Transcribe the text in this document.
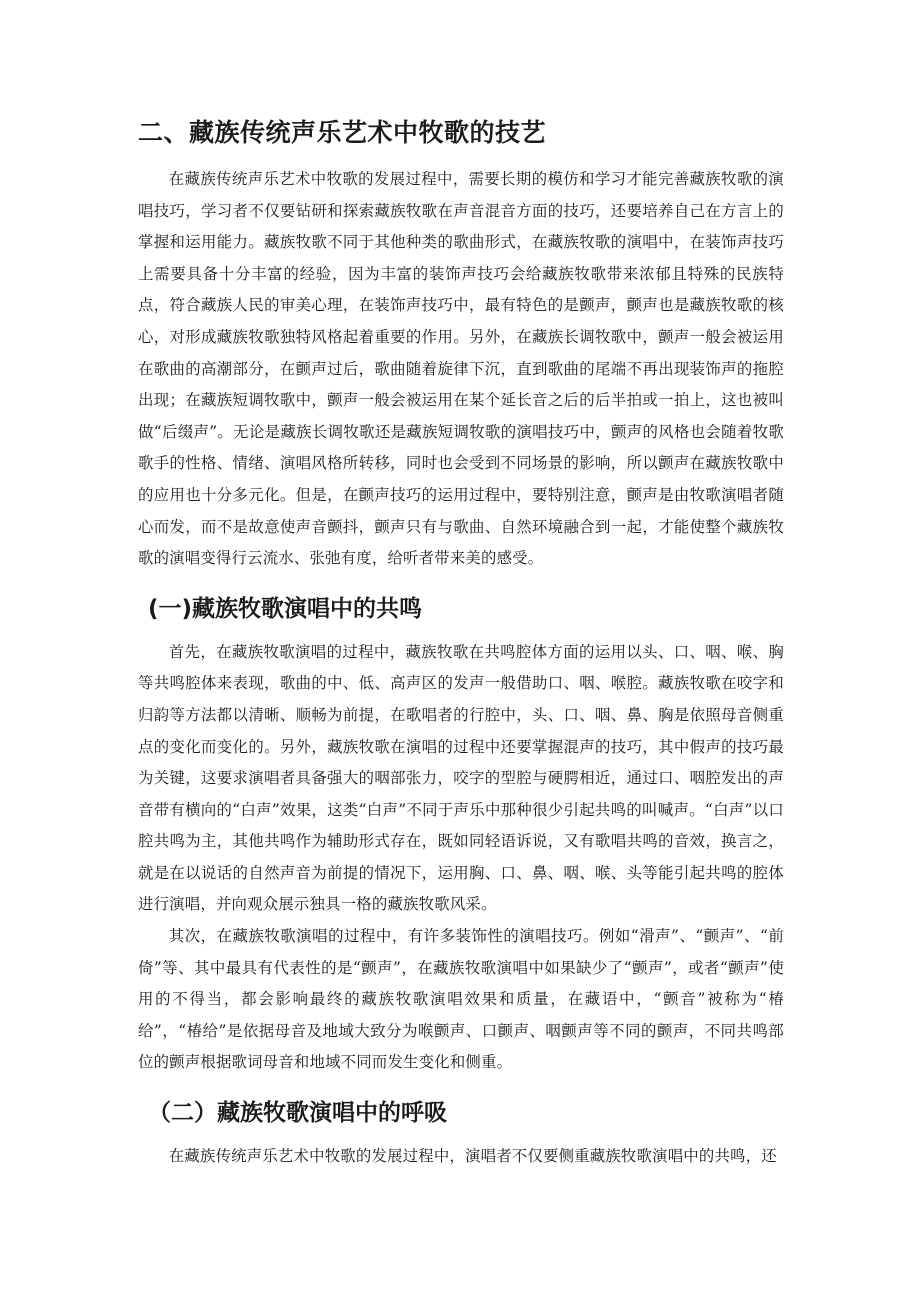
二、藏族传统声乐艺术中牧歌的技艺

在藏族传统声乐艺术中牧歌的发展过程中，需要长期的模仿和学习才能完善藏族牧歌的演唱技巧，学习者不仅要钻研和探索藏族牧歌在声音混音方面的技巧，还要培养自己在方言上的掌握和运用能力。藏族牧歌不同于其他种类的歌曲形式，在藏族牧歌的演唱中，在装饰声技巧上需要具备十分丰富的经验，因为丰富的装饰声技巧会给藏族牧歌带来浓郁且特殊的民族特点，符合藏族人民的审美心理，在装饰声技巧中，最有特色的是颤声，颤声也是藏族牧歌的核心，对形成藏族牧歌独特风格起着重要的作用。另外，在藏族长调牧歌中，颤声一般会被运用在歌曲的高潮部分，在颤声过后，歌曲随着旋律下沉，直到歌曲的尾端不再出现装饰声的拖腔出现；在藏族短调牧歌中，颤声一般会被运用在某个延长音之后的后半拍或一拍上，这也被叫做“后缀声”。无论是藏族长调牧歌还是藏族短调牧歌的演唱技巧中，颤声的风格也会随着牧歌歌手的性格、情绪、演唱风格所转移，同时也会受到不同场景的影响，所以颤声在藏族牧歌中的应用也十分多元化。但是，在颤声技巧的运用过程中，要特别注意，颤声是由牧歌演唱者随心而发，而不是故意使声音颤抖，颤声只有与歌曲、自然环境融合到一起，才能使整个藏族牧歌的演唱变得行云流水、张弛有度，给听者带来美的感受。

(一)藏族牧歌演唱中的共鸣

首先，在藏族牧歌演唱的过程中，藏族牧歌在共鸣腔体方面的运用以头、口、咽、喉、胸等共鸣腔体来表现，歌曲的中、低、高声区的发声一般借助口、咽、喉腔。藏族牧歌在咬字和归韵等方法都以清晰、顺畅为前提，在歌唱者的行腔中，头、口、咽、鼻、胸是依照母音侧重点的变化而变化的。另外，藏族牧歌在演唱的过程中还要掌握混声的技巧，其中假声的技巧最为关键，这要求演唱者具备强大的咽部张力，咬字的型腔与硬腭相近，通过口、咽腔发出的声音带有横向的“白声”效果，这类“白声”不同于声乐中那种很少引起共鸣的叫喊声。“白声”以口腔共鸣为主，其他共鸣作为辅助形式存在，既如同轻语诉说，又有歌唱共鸣的音效，换言之，就是在以说话的自然声音为前提的情况下，运用胸、口、鼻、咽、喉、头等能引起共鸣的腔体进行演唱，并向观众展示独具一格的藏族牧歌风采。

其次，在藏族牧歌演唱的过程中，有许多装饰性的演唱技巧。例如“滑声”、“颤声”、“前倚”等、其中最具有代表性的是“颤声”，在藏族牧歌演唱中如果缺少了“颤声”，或者“颤声”使用的不得当，都会影响最终的藏族牧歌演唱效果和质量，在藏语中，“颤音”被称为“椿给”，“椿给”是依据母音及地域大致分为喉颤声、口颤声、咽颤声等不同的颤声，不同共鸣部位的颤声根据歌词母音和地域不同而发生变化和侧重。

（二）藏族牧歌演唱中的呼吸

在藏族传统声乐艺术中牧歌的发展过程中，演唱者不仅要侧重藏族牧歌演唱中的共鸣，还
